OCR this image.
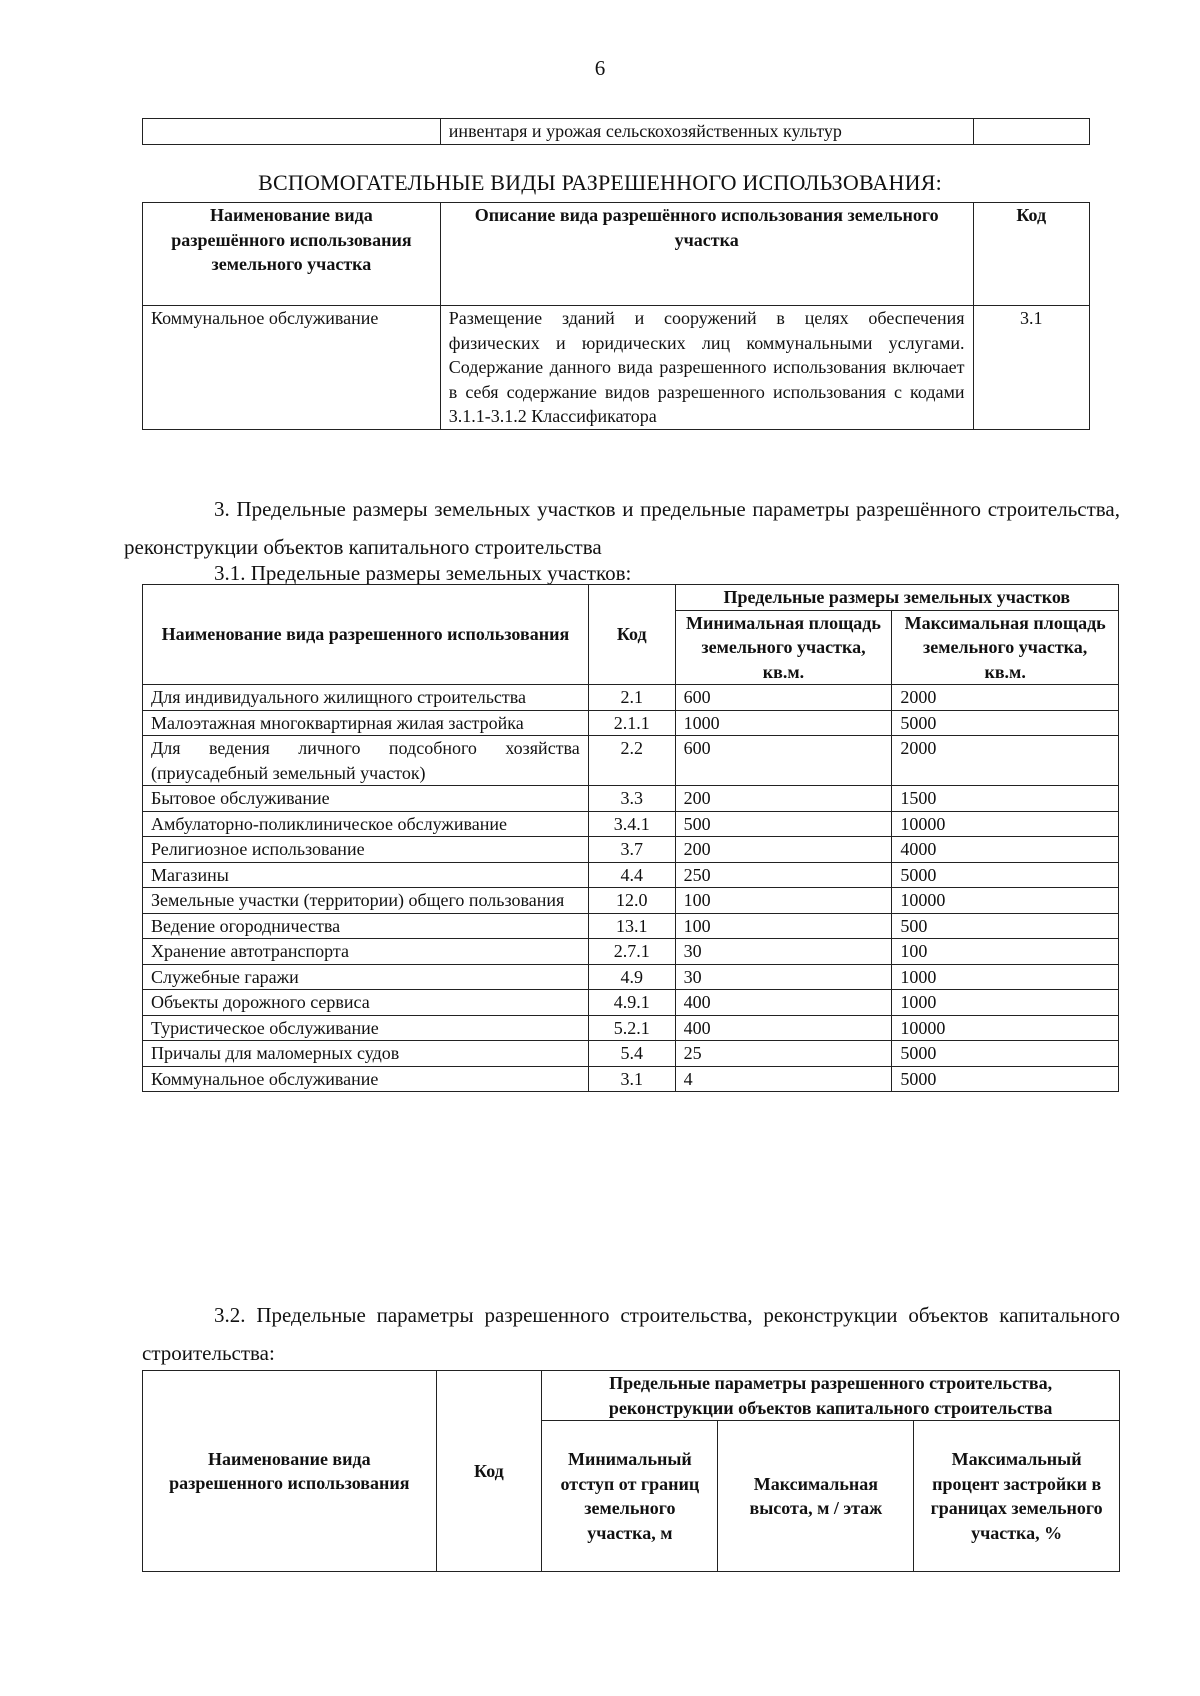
6
	инвентаря и урожая сельскохозяйственных культур	
ВСПОМОГАТЕЛЬНЫЕ ВИДЫ РАЗРЕШЕННОГО ИСПОЛЬЗОВАНИЯ:
Наименование вида разрешённого использования земельного участка	Описание вида разрешённого использования земельного участка	Код
Коммунальное обслуживание	Размещение зданий и сооружений в целях обеспечения физических и юридических лиц коммунальными услугами. Содержание данного вида разрешенного использования включает в себя содержание видов разрешенного использования с кодами 3.1.1-3.1.2 Классификатора	3.1
3. Предельные размеры земельных участков и предельные параметры разрешённого строительства, реконструкции объектов капитального строительства
3.1. Предельные размеры земельных участков:
Наименование вида разрешенного использования	Код	Предельные размеры земельных участков	
		Минимальная площадь земельного участка, кв.м.	Максимальная площадь земельного участка, кв.м.
Для индивидуального жилищного строительства	2.1	600	2000
Малоэтажная многоквартирная жилая застройка	2.1.1	1000	5000
Для ведения личного подсобного хозяйства (приусадебный земельный участок)	2.2	600	2000
Бытовое обслуживание	3.3	200	1500
Амбулаторно-поликлиническое обслуживание	3.4.1	500	10000
Религиозное использование	3.7	200	4000
Магазины	4.4	250	5000
Земельные участки (территории) общего пользования	12.0	100	10000
Ведение огородничества	13.1	100	500
Хранение автотранспорта	2.7.1	30	100
Служебные гаражи	4.9	30	1000
Объекты дорожного сервиса	4.9.1	400	1000
Туристическое обслуживание	5.2.1	400	10000
Причалы для маломерных судов	5.4	25	5000
Коммунальное обслуживание	3.1	4	5000
3.2. Предельные параметры разрешенного строительства, реконструкции объектов капитального строительства:
Наименование вида разрешенного использования	Код	Предельные параметры разрешенного строительства, реконструкции объектов капитального строительства		
		Минимальный отступ от границ земельного участка, м	Максимальная высота, м / этаж	Максимальный процент застройки в границах земельного участка, %
